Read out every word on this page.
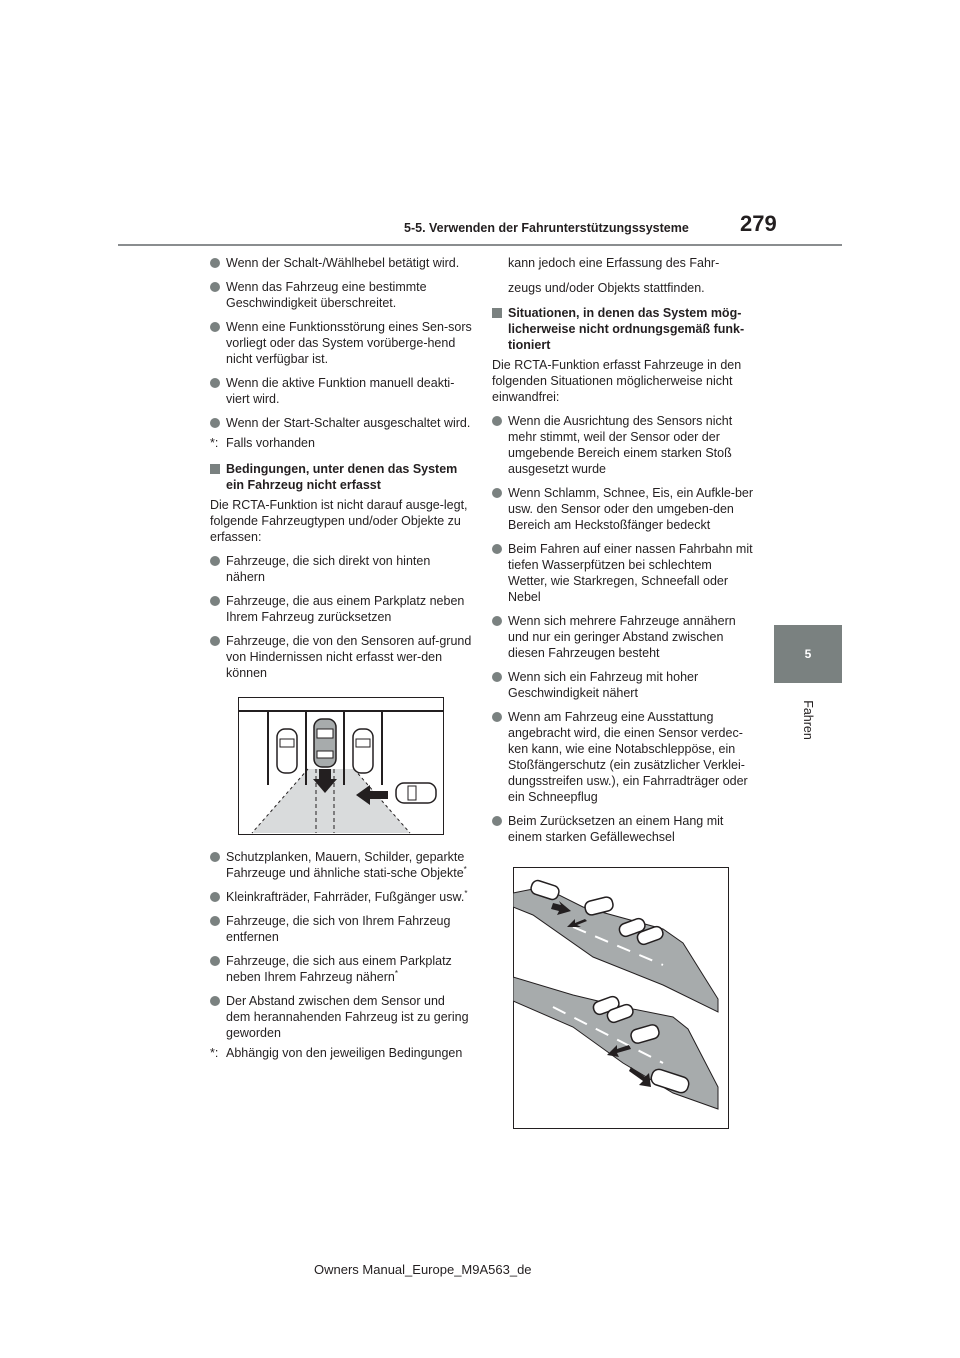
5-5. Verwenden der Fahrunterstützungssysteme 279
5
Fahren
Wenn der Schalt-/Wählhebel betätigt wird.
Wenn das Fahrzeug eine bestimmte Geschwindigkeit überschreitet.
Wenn eine Funktionsstörung eines Sen-sors vorliegt oder das System vorüberge-hend nicht verfügbar ist.
Wenn die aktive Funktion manuell deakti-viert wird.
Wenn der Start-Schalter ausgeschaltet wird.
*: Falls vorhanden
Bedingungen, unter denen das System ein Fahrzeug nicht erfasst
Die RCTA-Funktion ist nicht darauf ausge-legt, folgende Fahrzeugtypen und/oder Objekte zu erfassen:
Fahrzeuge, die sich direkt von hinten nähern
Fahrzeuge, die aus einem Parkplatz neben Ihrem Fahrzeug zurücksetzen
Fahrzeuge, die von den Sensoren auf-grund von Hindernissen nicht erfasst wer-den können
Schutzplanken, Mauern, Schilder, geparkte Fahrzeuge und ähnliche stati-sche Objekte*
Kleinkrafträder, Fahrräder, Fußgänger usw.*
Fahrzeuge, die sich von Ihrem Fahrzeug entfernen
Fahrzeuge, die sich aus einem Parkplatz neben Ihrem Fahrzeug nähern*
Der Abstand zwischen dem Sensor und dem herannahenden Fahrzeug ist zu gering geworden
*: Abhängig von den jeweiligen Bedingungen
kann jedoch eine Erfassung des Fahr-
zeugs und/oder Objekts stattfinden.
Situationen, in denen das System mög-licherweise nicht ordnungsgemäß funk-tioniert
Die RCTA-Funktion erfasst Fahrzeuge in den folgenden Situationen möglicherweise nicht einwandfrei:
Wenn die Ausrichtung des Sensors nicht mehr stimmt, weil der Sensor oder der umgebende Bereich einem starken Stoß ausgesetzt wurde
Wenn Schlamm, Schnee, Eis, ein Aufkle-ber usw. den Sensor oder den umgeben-den Bereich am Heckstoßfänger bedeckt
Beim Fahren auf einer nassen Fahrbahn mit tiefen Wasserpfützen bei schlechtem Wetter, wie Starkregen, Schneefall oder Nebel
Wenn sich mehrere Fahrzeuge annähern und nur ein geringer Abstand zwischen diesen Fahrzeugen besteht
Wenn sich ein Fahrzeug mit hoher Geschwindigkeit nähert
Wenn am Fahrzeug eine Ausstattung angebracht wird, die einen Sensor verdec-ken kann, wie eine Notabschleppöse, ein Stoßfängerschutz (ein zusätzlicher Verklei-dungsstreifen usw.), ein Fahrradträger oder ein Schneepflug
Beim Zurücksetzen an einem Hang mit einem starken Gefällewechsel
Owners Manual_Europe_M9A563_de
